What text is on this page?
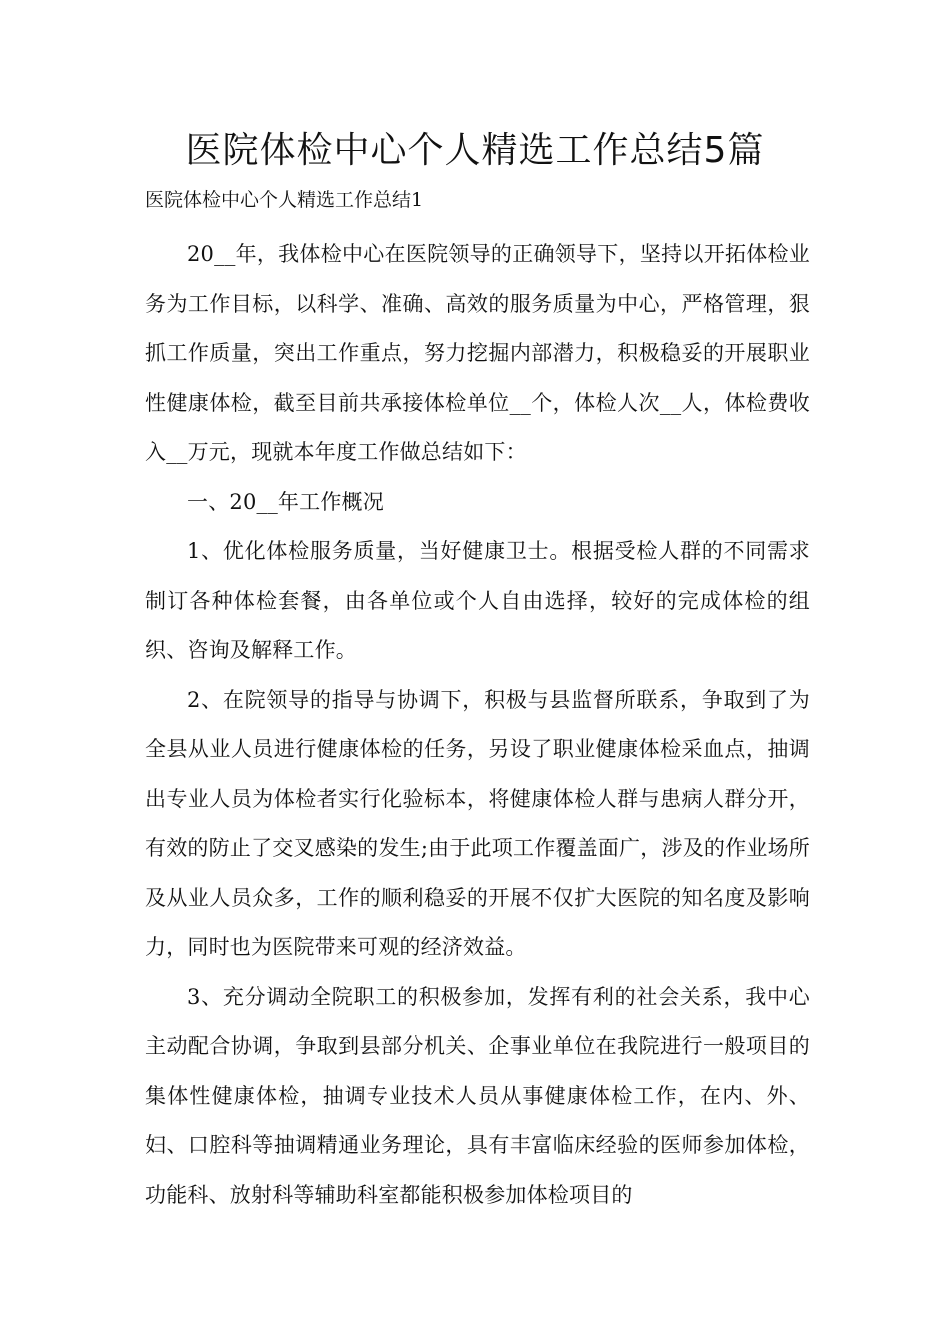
医院体检中心个人精选工作总结5篇

医院体检中心个人精选工作总结1

20__年，我体检中心在医院领导的正确领导下，坚持以开拓体检业务为工作目标，以科学、准确、高效的服务质量为中心，严格管理，狠抓工作质量，突出工作重点，努力挖掘内部潜力，积极稳妥的开展职业性健康体检，截至目前共承接体检单位__个，体检人次__人，体检费收入__万元，现就本年度工作做总结如下：

一、20__年工作概况

1、优化体检服务质量，当好健康卫士。根据受检人群的不同需求制订各种体检套餐，由各单位或个人自由选择，较好的完成体检的组织、咨询及解释工作。

2、在院领导的指导与协调下，积极与县监督所联系，争取到了为全县从业人员进行健康体检的任务，另设了职业健康体检采血点，抽调出专业人员为体检者实行化验标本，将健康体检人群与患病人群分开，有效的防止了交叉感染的发生;由于此项工作覆盖面广，涉及的作业场所及从业人员众多，工作的顺利稳妥的开展不仅扩大医院的知名度及影响力，同时也为医院带来可观的经济效益。

3、充分调动全院职工的积极参加，发挥有利的社会关系，我中心主动配合协调，争取到县部分机关、企事业单位在我院进行一般项目的集体性健康体检，抽调专业技术人员从事健康体检工作，在内、外、妇、口腔科等抽调精通业务理论，具有丰富临床经验的医师参加体检，功能科、放射科等辅助科室都能积极参加体检项目的
